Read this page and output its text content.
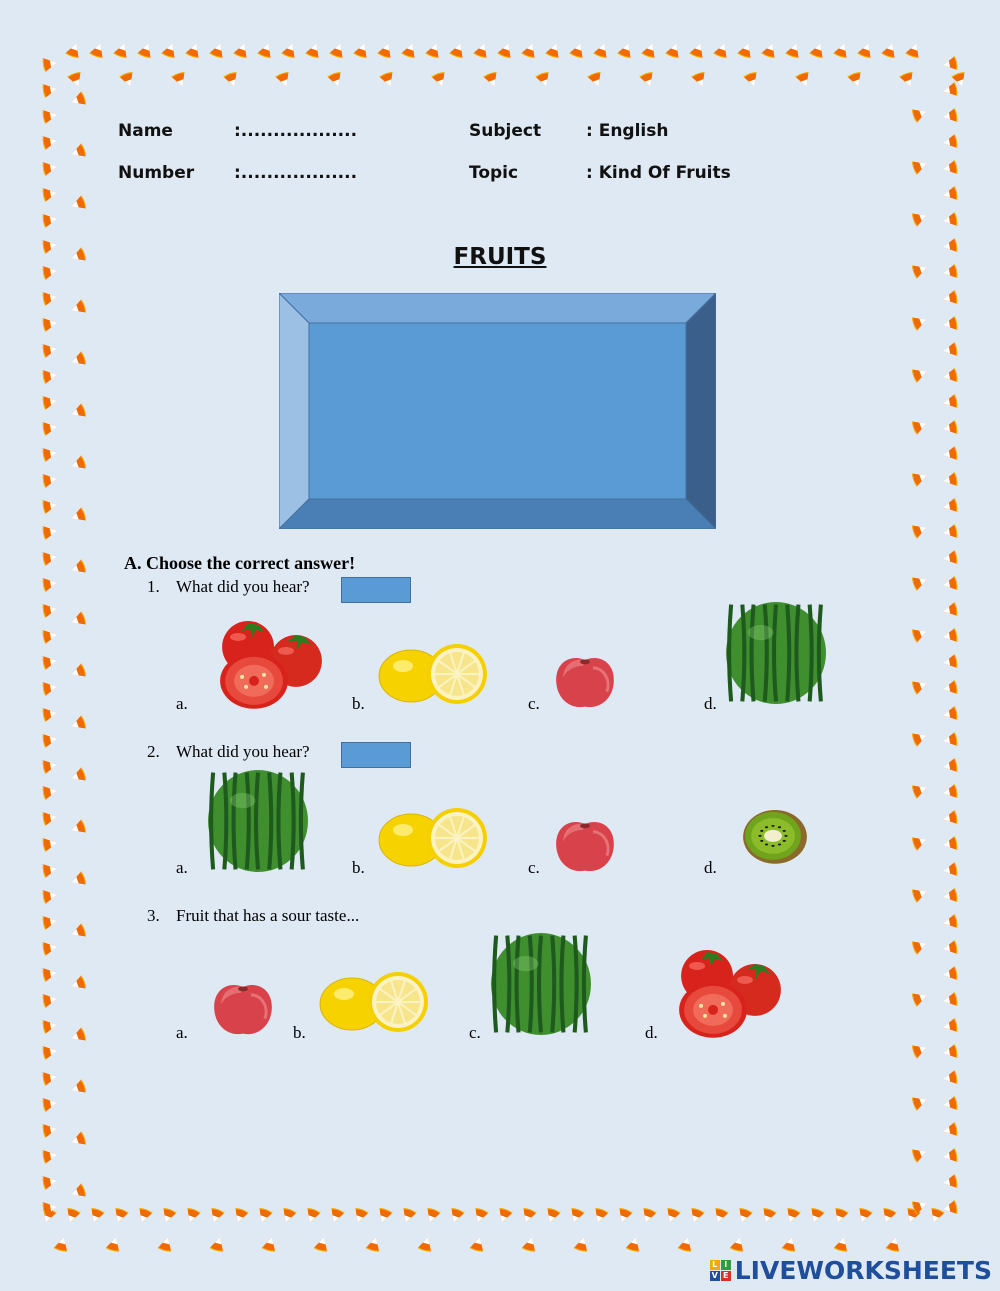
Name	:..................
Number :..................
Subject	: English
Topic	: Kind Of Fruits
FRUITS
A. Choose the correct answer!
1. What did you hear?
a.	b.	c.	d.
2. What did you hear?
a.	b.	c.	d.
3. Fruit that has a sour taste...
a.	b.	c.	d.
L I
V E LIVEWORKSHEETS
